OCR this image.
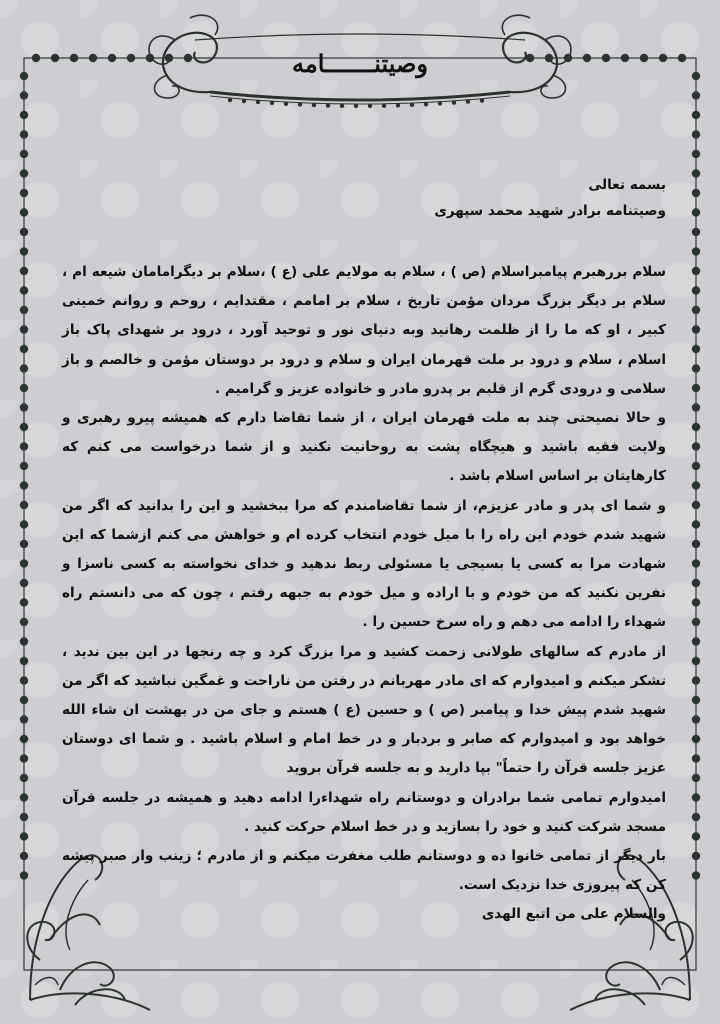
وصیتنـــــــامه

بسمه تعالی

وصیتنامه برادر شهید محمد سپهری

سلام بررهبرم پیامبراسلام (ص ) ، سلام به مولایم علی (ع ) ،سلام بر دیگرامامان شیعه ام ، سلام بر دیگر بزرگ مردان مؤمن تاریخ ، سلام بر امامم ، مقتدایم ، روحم و روانم خمینی کبیر ، او که ما را از ظلمت رهانید وبه دنیای نور و توحید آورد ، درود بر شهدای پاک باز اسلام ، سلام و درود بر ملت قهرمان ایران و سلام و درود بر دوستان مؤمن و خالصم و باز سلامی و درودی گرم از قلبم بر پدرو مادر و خانواده عزیز و گرامیم .

و حالا نصیحتی چند به ملت قهرمان ایران ، از شما تقاضا دارم که همیشه پیرو رهبری و ولایت فقیه باشید و هیچگاه پشت به روحانیت نکنید و از شما درخواست می کنم که کارهایتان بر اساس اسلام باشد .

و شما ای پدر و مادر عزیزم، از شما تقاضامندم که مرا ببخشید و این را بدانید که اگر من شهید شدم خودم این راه را با میل خودم انتخاب کرده ام و خواهش می کنم ازشما که این شهادت مرا به کسی یا بسیجی یا مسئولی ربط ندهید و خدای نخواسته به کسی ناسزا و نفرین نکنید که من خودم و با اراده و میل خودم به جبهه رفتم ، چون که می دانستم راه شهداء را ادامه می دهم و راه سرخ حسین را .

از مادرم که سالهای طولانی زحمت کشید و مرا بزرگ کرد و چه رنجها در این بین ندید ، تشکر میکنم و امیدوارم که ای مادر مهربانم در رفتن من ناراحت و غمگین نباشید که اگر من شهید شدم پیش خدا و پیامبر (ص ) و حسین (ع ) هستم و جای من در بهشت ان شاء الله خواهد بود و امیدوارم که صابر و بردبار و در خط امام و اسلام باشید . و شما ای دوستان عزیز جلسه قرآن را حتماً" بپا دارید و به جلسه قرآن بروید

امیدوارم تمامی شما برادران و دوستانم راه شهداءرا ادامه دهید و همیشه در جلسه قرآن مسجد شرکت کنید و خود را بسازید و در خط اسلام حرکت کنید .

بار دیگر از تمامی خانوا ده و دوستانم طلب مغفرت میکنم و از مادرم ؛ زینب وار صبر پیشه کن که پیروزی خدا نزدیک است.

والسلام علی من اتبع الهدی
